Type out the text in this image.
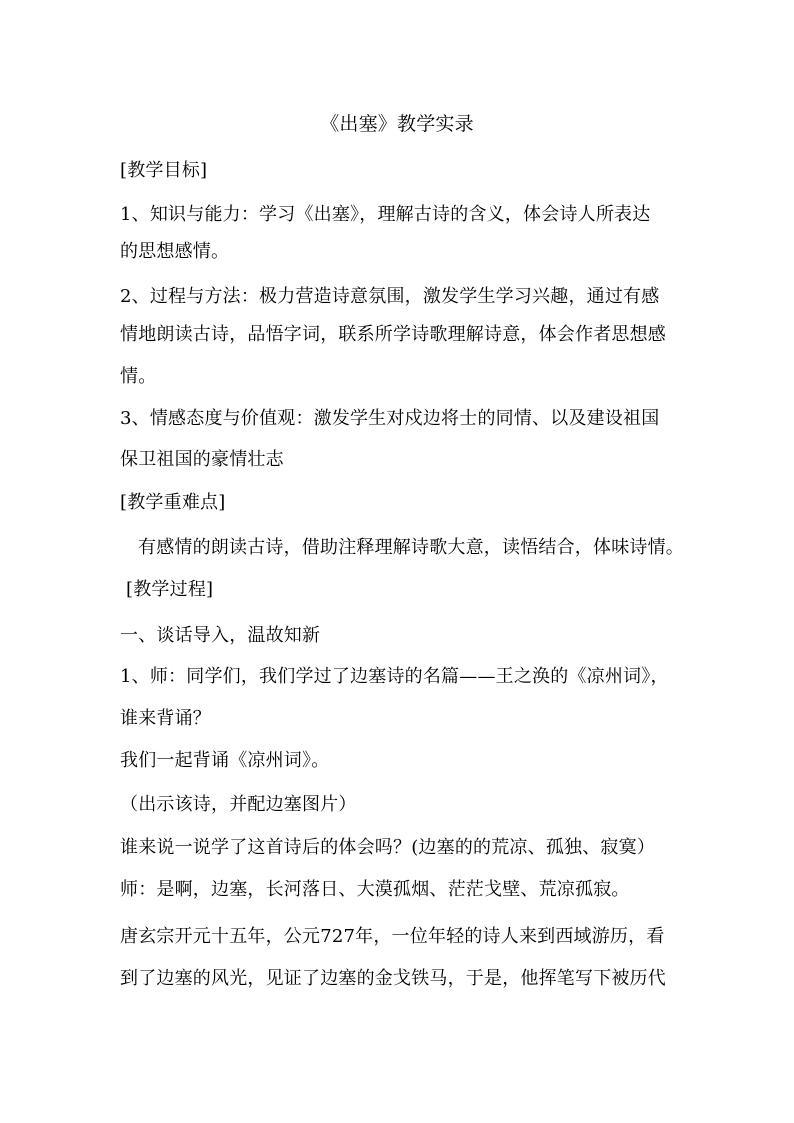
《出塞》教学实录
[教学目标]
1、知识与能力：学习《出塞》，理解古诗的含义，体会诗人所表达
的思想感情。
2、过程与方法：极力营造诗意氛围，激发学生学习兴趣，通过有感
情地朗读古诗，品悟字词，联系所学诗歌理解诗意，体会作者思想感
情。
3、情感态度与价值观：激发学生对戍边将士的同情、以及建设祖国
保卫祖国的豪情壮志
[教学重难点]
有感情的朗读古诗，借助注释理解诗歌大意，读悟结合，体味诗情。
[教学过程]
一、谈话导入，温故知新
1、师：同学们，我们学过了边塞诗的名篇——王之涣的《凉州词》，
谁来背诵？
我们一起背诵《凉州词》。
（出示该诗，并配边塞图片）
谁来说一说学了这首诗后的体会吗？(边塞的的荒凉、孤独、寂寞）
师：是啊，边塞，长河落日、大漠孤烟、茫茫戈壁、荒凉孤寂。
唐玄宗开元十五年，公元727年，一位年轻的诗人来到西域游历，看
到了边塞的风光，见证了边塞的金戈铁马，于是，他挥笔写下被历代
